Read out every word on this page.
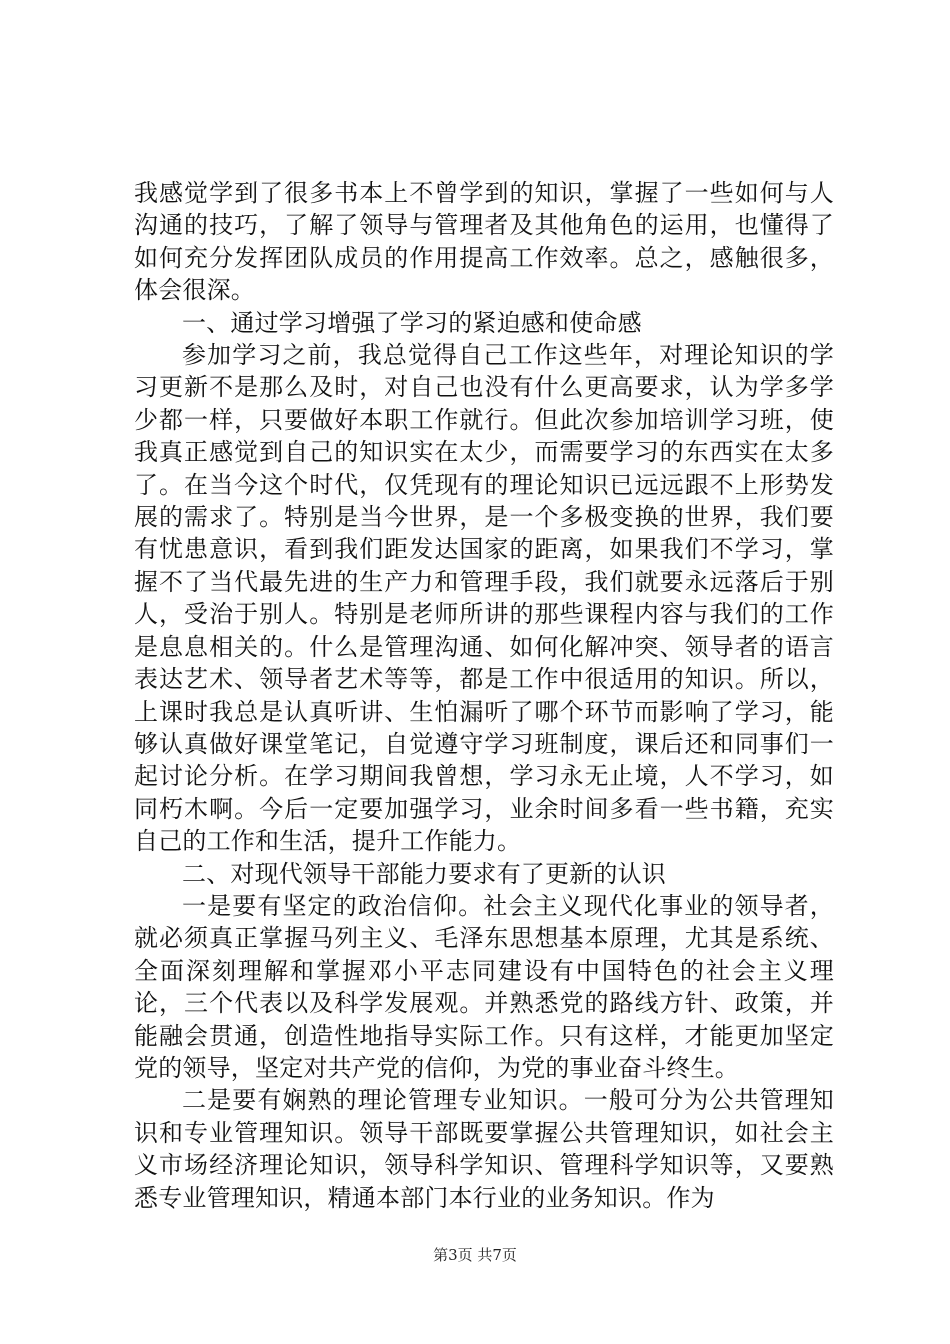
我感觉学到了很多书本上不曾学到的知识，掌握了一些如何与人沟通的技巧，了解了领导与管理者及其他角色的运用，也懂得了如何充分发挥团队成员的作用提高工作效率。总之，感触很多，体会很深。

一、通过学习增强了学习的紧迫感和使命感

参加学习之前，我总觉得自己工作这些年，对理论知识的学习更新不是那么及时，对自己也没有什么更高要求，认为学多学少都一样，只要做好本职工作就行。但此次参加培训学习班，使我真正感觉到自己的知识实在太少，而需要学习的东西实在太多了。在当今这个时代，仅凭现有的理论知识已远远跟不上形势发展的需求了。特别是当今世界，是一个多极变换的世界，我们要有忧患意识，看到我们距发达国家的距离，如果我们不学习，掌握不了当代最先进的生产力和管理手段，我们就要永远落后于别人，受治于别人。特别是老师所讲的那些课程内容与我们的工作是息息相关的。什么是管理沟通、如何化解冲突、领导者的语言表达艺术、领导者艺术等等，都是工作中很适用的知识。所以，上课时我总是认真听讲、生怕漏听了哪个环节而影响了学习，能够认真做好课堂笔记，自觉遵守学习班制度，课后还和同事们一起讨论分析。在学习期间我曾想，学习永无止境，人不学习，如同朽木啊。今后一定要加强学习，业余时间多看一些书籍，充实自己的工作和生活，提升工作能力。

二、对现代领导干部能力要求有了更新的认识

一是要有坚定的政治信仰。社会主义现代化事业的领导者，就必须真正掌握马列主义、毛泽东思想基本原理，尤其是系统、全面深刻理解和掌握邓小平志同建设有中国特色的社会主义理论，三个代表以及科学发展观。并熟悉党的路线方针、政策，并能融会贯通，创造性地指导实际工作。只有这样，才能更加坚定党的领导，坚定对共产党的信仰，为党的事业奋斗终生。

二是要有娴熟的理论管理专业知识。一般可分为公共管理知识和专业管理知识。领导干部既要掌握公共管理知识，如社会主义市场经济理论知识，领导科学知识、管理科学知识等，又要熟悉专业管理知识，精通本部门本行业的业务知识。作为

第3页 共7页
